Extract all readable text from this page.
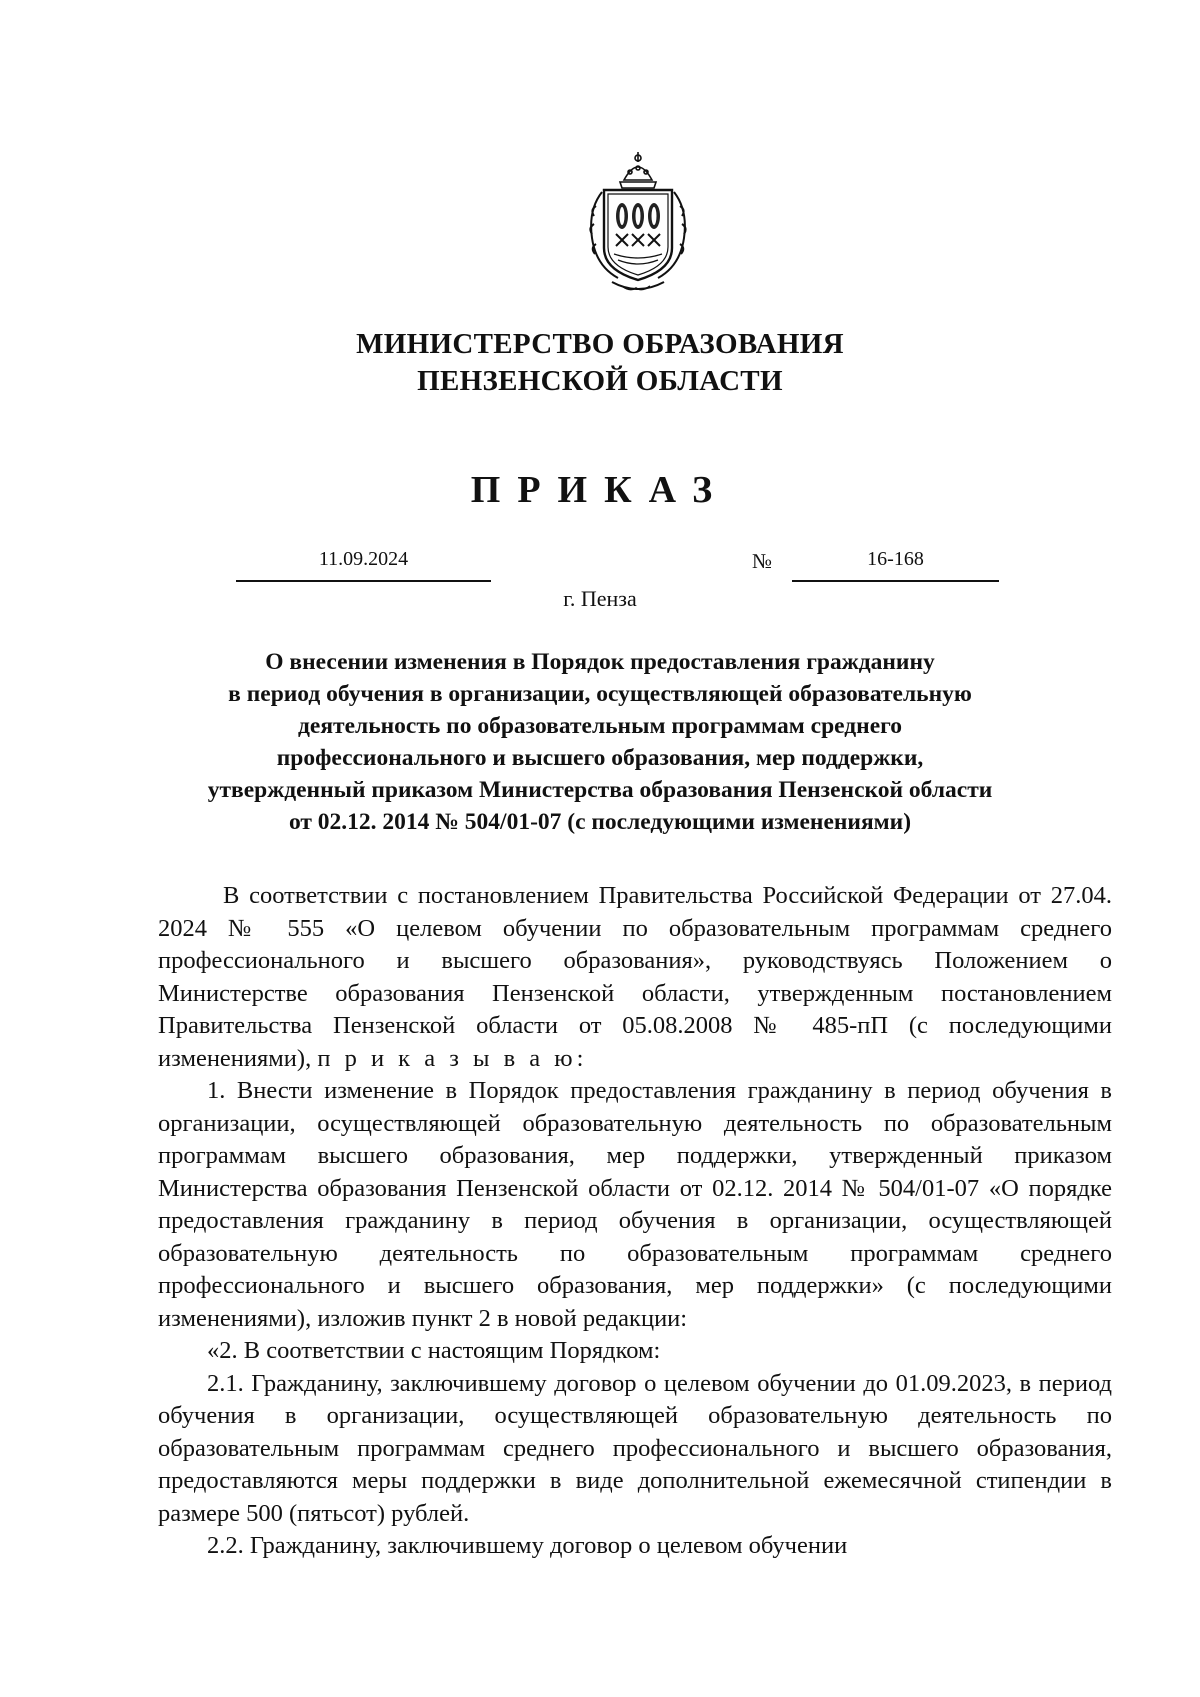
МИНИСТЕРСТВО ОБРАЗОВАНИЯ
ПЕНЗЕНСКОЙ ОБЛАСТИ
ПРИКАЗ
11.09.2024	№	16-168
г. Пенза
О внесении изменения в Порядок предоставления гражданину
в период обучения в организации, осуществляющей образовательную
деятельность по образовательным программам среднего
профессионального и высшего образования, мер поддержки,
утвержденный приказом Министерства образования Пензенской области
от 02.12. 2014 № 504/01-07 (с последующими изменениями)

В соответствии с постановлением Правительства Российской Федерации от 27.04. 2024 № 555 «О целевом обучении по образовательным программам среднего профессионального и высшего образования», руководствуясь Положением о Министерстве образования Пензенской области, утвержденным постановлением Правительства Пензенской области от 05.08.2008 № 485-пП (с последующими изменениями), п р и к а з ы в а ю:

1. Внести изменение в Порядок предоставления гражданину в период обучения в организации, осуществляющей образовательную деятельность по образовательным программам высшего образования, мер поддержки, утвержденный приказом Министерства образования Пензенской области от 02.12. 2014 № 504/01-07 «О порядке предоставления гражданину в период обучения в организации, осуществляющей образовательную деятельность по образовательным программам среднего профессионального и высшего образования, мер поддержки» (с последующими изменениями), изложив пункт 2 в новой редакции:

«2. В соответствии с настоящим Порядком:

2.1. Гражданину, заключившему договор о целевом обучении до 01.09.2023, в период обучения в организации, осуществляющей образовательную деятельность по образовательным программам среднего профессионального и высшего образования, предоставляются меры поддержки в виде дополнительной ежемесячной стипендии в размере 500 (пятьсот) рублей.

2.2. Гражданину, заключившему договор о целевом обучении
